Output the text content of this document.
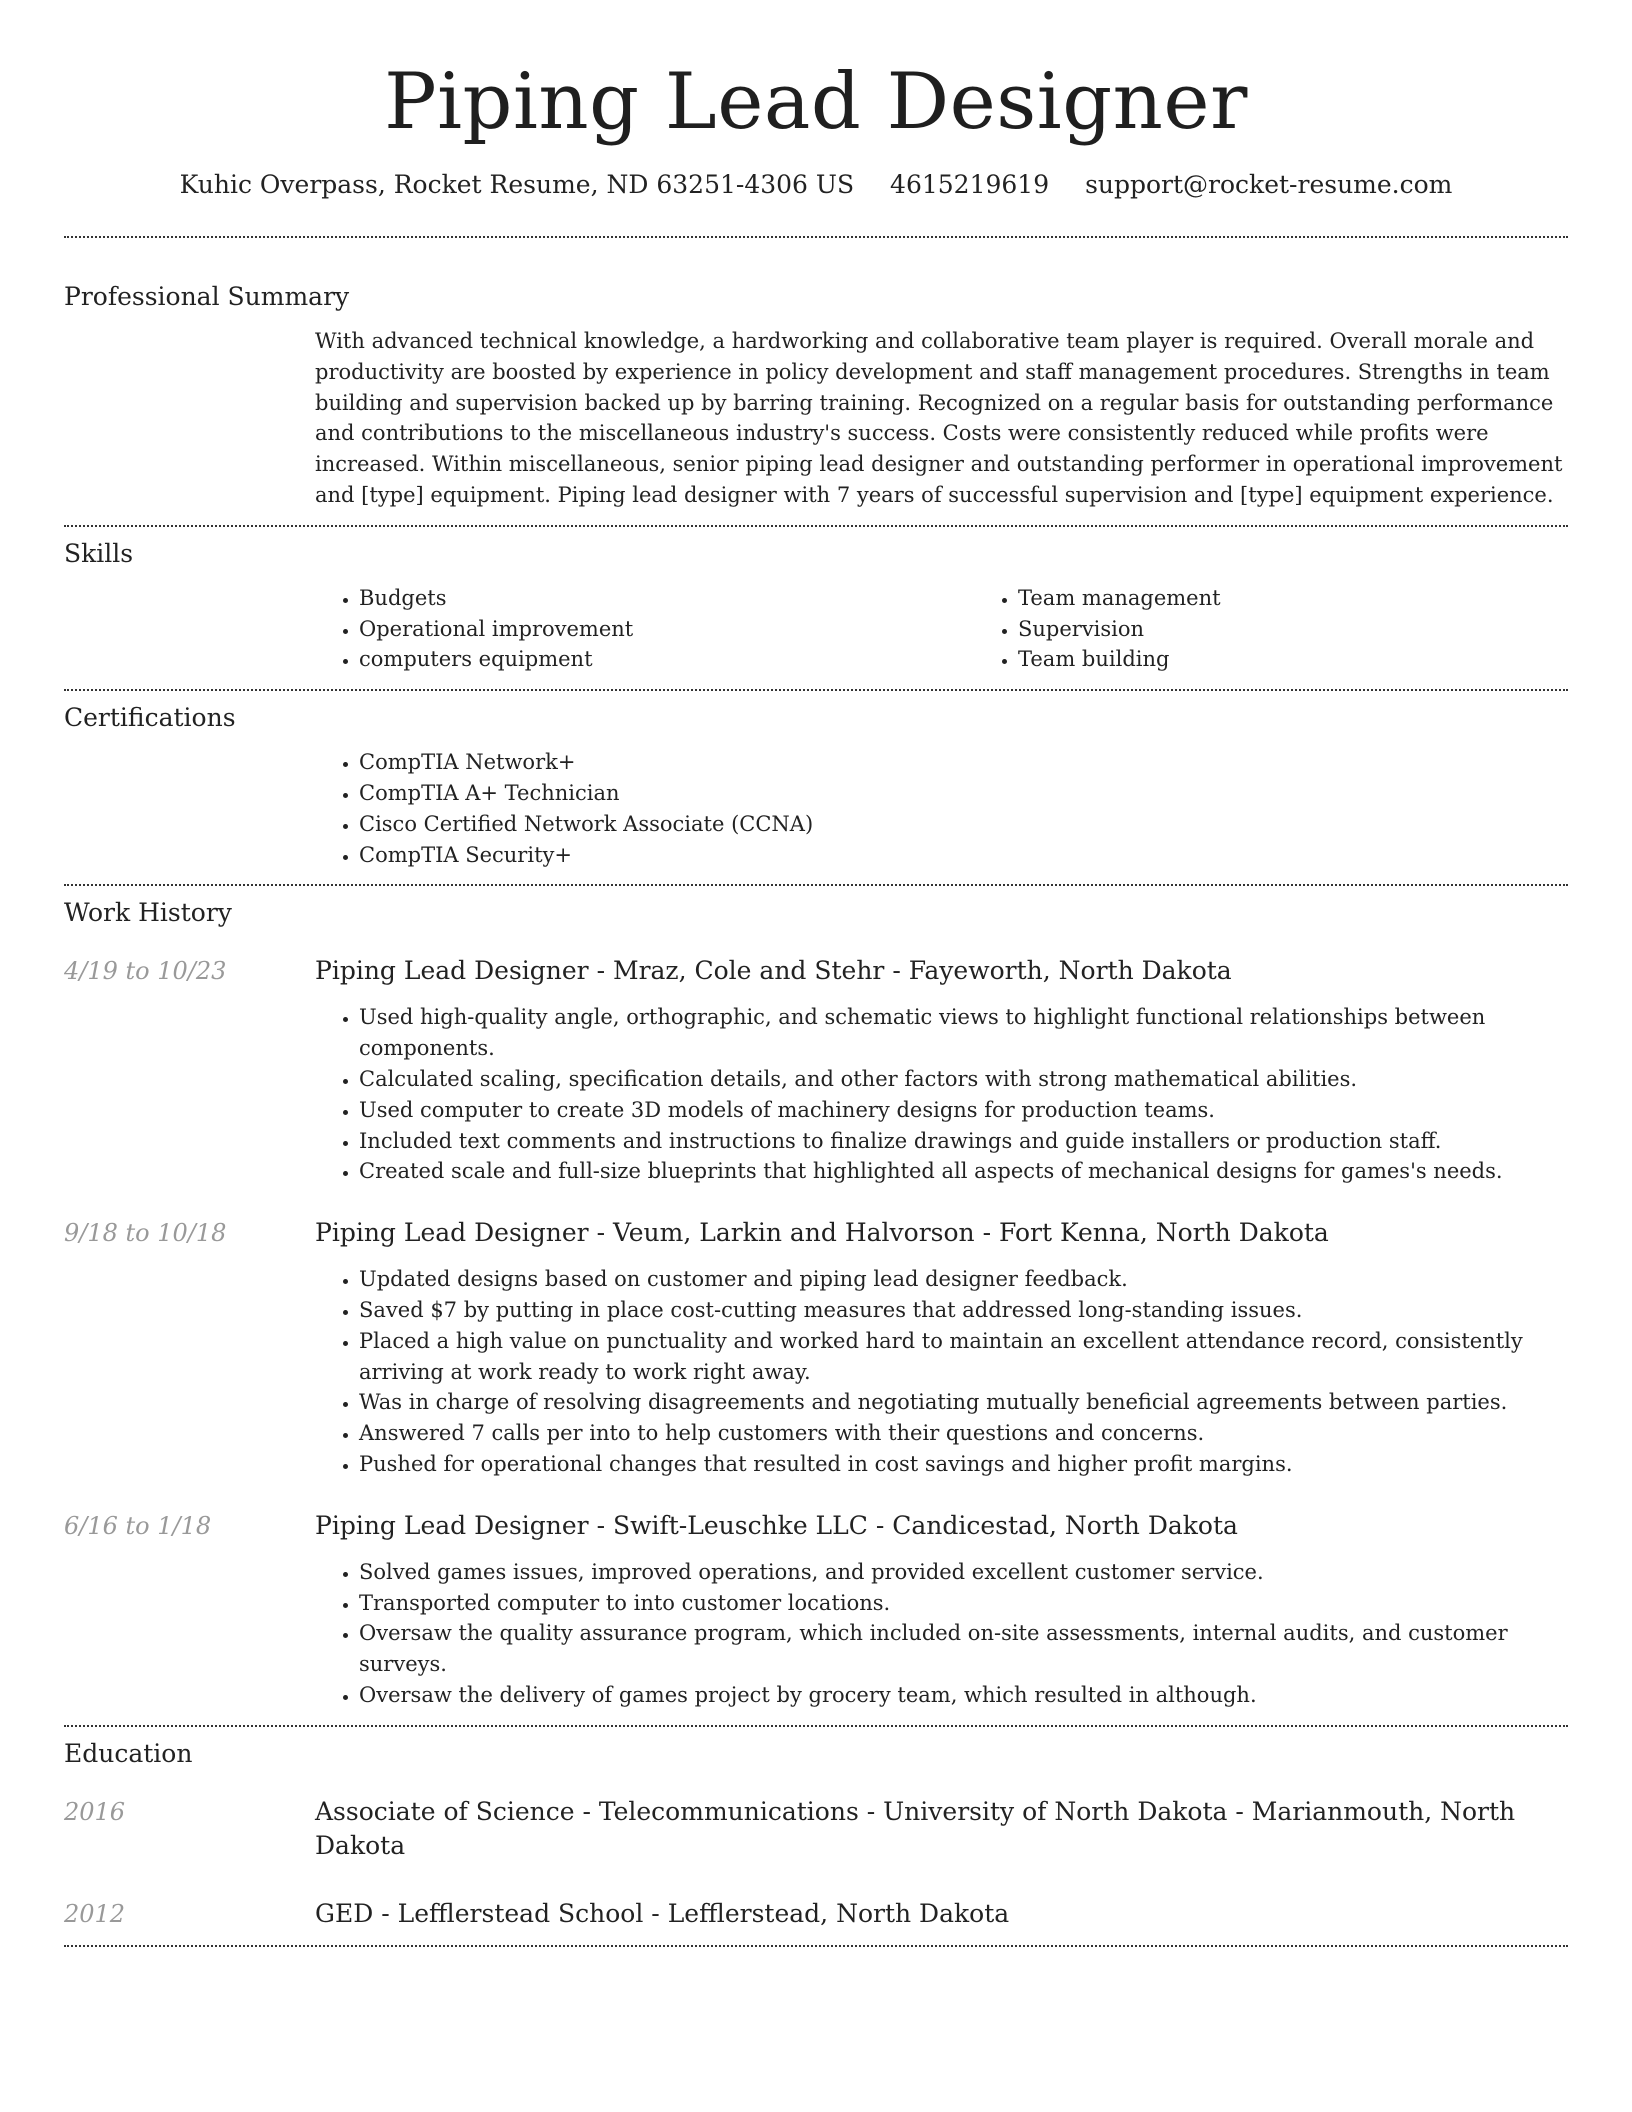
Piping Lead Designer
Kuhic Overpass, Rocket Resume, ND 63251-4306 US 4615219619 support@rocket-resume.com
Professional Summary
With advanced technical knowledge, a hardworking and collaborative team player is required. Overall morale and productivity are boosted by experience in policy development and staff management procedures. Strengths in team building and supervision backed up by barring training. Recognized on a regular basis for outstanding performance and contributions to the miscellaneous industry's success. Costs were consistently reduced while profits were increased. Within miscellaneous, senior piping lead designer and outstanding performer in operational improvement and [type] equipment. Piping lead designer with 7 years of successful supervision and [type] equipment experience.
Skills
• Budgets
• Operational improvement
• computers equipment
• Team management
• Supervision
• Team building
Certifications
• CompTIA Network+
• CompTIA A+ Technician
• Cisco Certified Network Associate (CCNA)
• CompTIA Security+
Work History
4/19 to 10/23	Piping Lead Designer - Mraz, Cole and Stehr - Fayeworth, North Dakota
• Used high-quality angle, orthographic, and schematic views to highlight functional relationships between components.
• Calculated scaling, specification details, and other factors with strong mathematical abilities.
• Used computer to create 3D models of machinery designs for production teams.
• Included text comments and instructions to finalize drawings and guide installers or production staff.
• Created scale and full-size blueprints that highlighted all aspects of mechanical designs for games's needs.
9/18 to 10/18	Piping Lead Designer - Veum, Larkin and Halvorson - Fort Kenna, North Dakota
• Updated designs based on customer and piping lead designer feedback.
• Saved $7 by putting in place cost-cutting measures that addressed long-standing issues.
• Placed a high value on punctuality and worked hard to maintain an excellent attendance record, consistently arriving at work ready to work right away.
• Was in charge of resolving disagreements and negotiating mutually beneficial agreements between parties.
• Answered 7 calls per into to help customers with their questions and concerns.
• Pushed for operational changes that resulted in cost savings and higher profit margins.
6/16 to 1/18	Piping Lead Designer - Swift-Leuschke LLC - Candicestad, North Dakota
• Solved games issues, improved operations, and provided excellent customer service.
• Transported computer to into customer locations.
• Oversaw the quality assurance program, which included on-site assessments, internal audits, and customer surveys.
• Oversaw the delivery of games project by grocery team, which resulted in although.
Education
2016	Associate of Science - Telecommunications - University of North Dakota - Marianmouth, North Dakota
2012	GED - Lefflerstead School - Lefflerstead, North Dakota
